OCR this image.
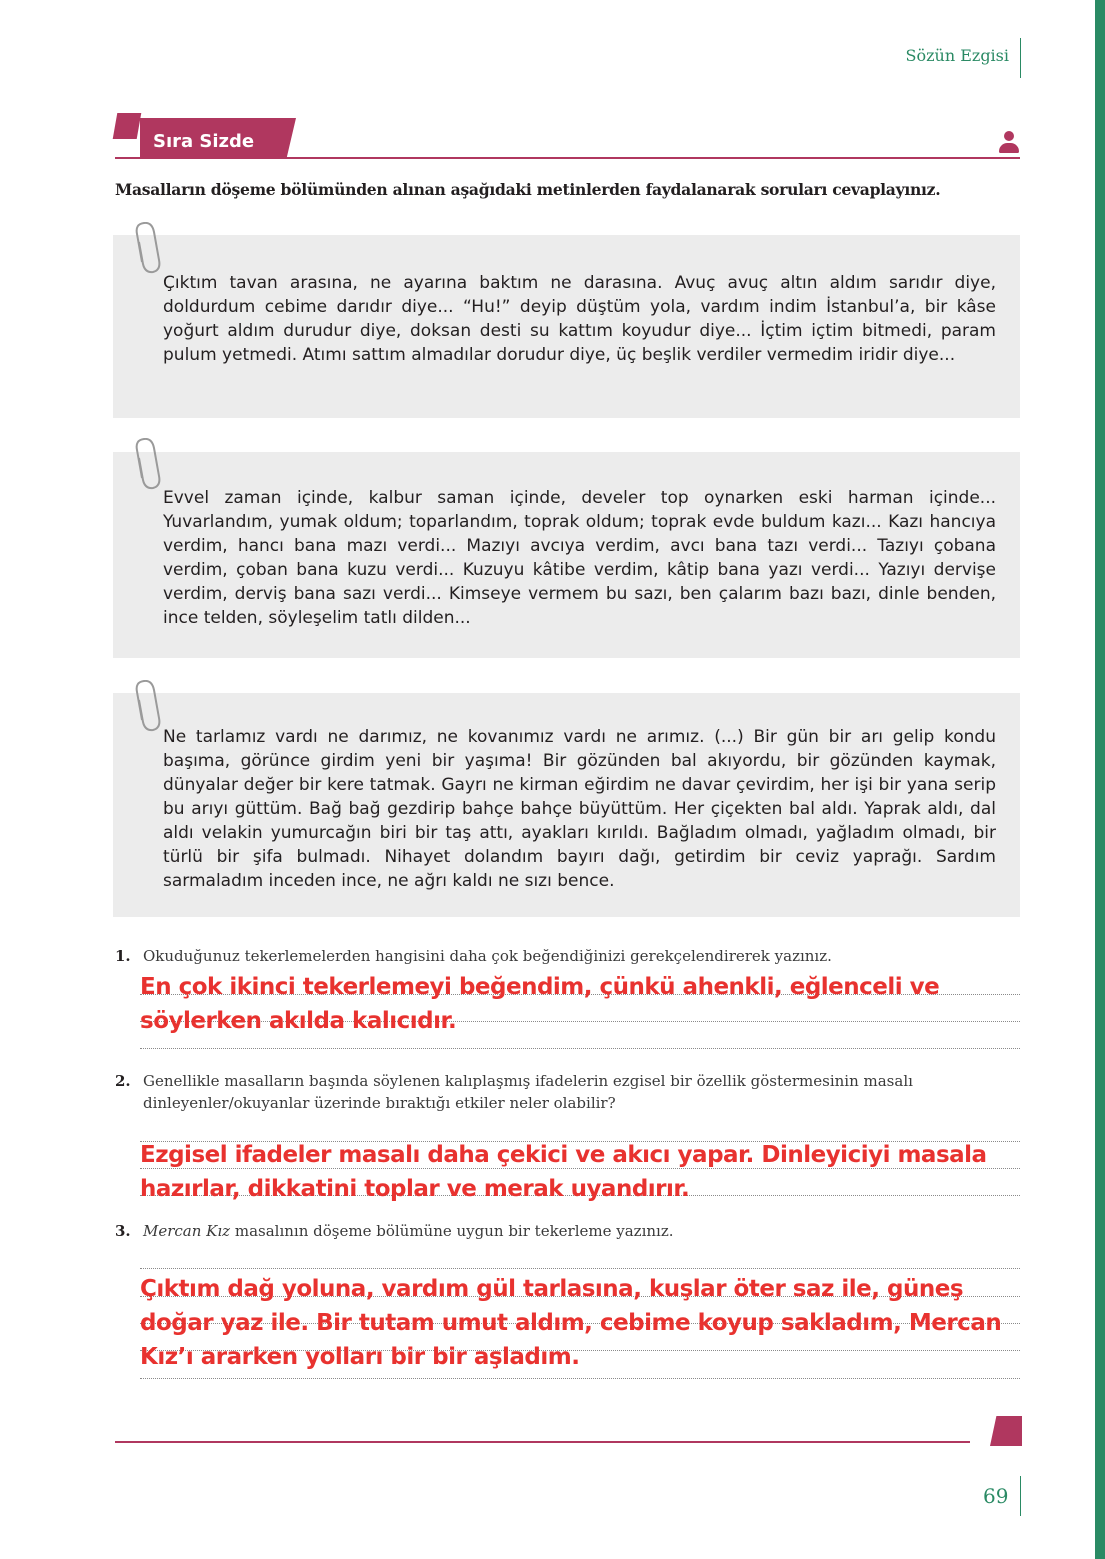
Sözün Ezgisi
Sıra Sizde
Masalların döşeme bölümünden alınan aşağıdaki metinlerden faydalanarak soruları cevaplayınız.

Çıktım tavan arasına, ne ayarına baktım ne darasına. Avuç avuç altın aldım sarıdır diye, doldurdum cebime darıdır diye... “Hu!” deyip düştüm yola, vardım indim İstanbul’a, bir kâse yoğurt aldım durudur diye, doksan desti su kattım koyudur diye... İçtim içtim bitmedi, param pulum yetmedi. Atımı sattım almadılar dorudur diye, üç beşlik verdiler vermedim iridir diye...

Evvel zaman içinde, kalbur saman içinde, develer top oynarken eski harman içinde... Yuvarlandım, yumak oldum; toparlandım, toprak oldum; toprak evde buldum kazı... Kazı hancıya verdim, hancı bana mazı verdi... Mazıyı avcıya verdim, avcı bana tazı verdi... Tazıyı çobana verdim, çoban bana kuzu verdi... Kuzuyu kâtibe verdim, kâtip bana yazı verdi... Yazıyı dervişe verdim, derviş bana sazı verdi... Kimseye vermem bu sazı, ben çalarım bazı bazı, dinle benden, ince telden, söyleşelim tatlı dilden...

Ne tarlamız vardı ne darımız, ne kovanımız vardı ne arımız. (...) Bir gün bir arı gelip kondu başıma, görünce girdim yeni bir yaşıma! Bir gözünden bal akıyordu, bir gözünden kaymak, dünyalar değer bir kere tatmak. Gayrı ne kirman eğirdim ne davar çevirdim, her işi bir yana serip bu arıyı güttüm. Bağ bağ gezdirip bahçe bahçe büyüttüm. Her çiçekten bal aldı. Yaprak aldı, dal aldı velakin yumurcağın biri bir taş attı, ayakları kırıldı. Bağladım olmadı, yağladım olmadı, bir türlü bir şifa bulmadı. Nihayet dolandım bayırı dağı, getirdim bir ceviz yaprağı. Sardım sarmaladım inceden ince, ne ağrı kaldı ne sızı bence.

1. Okuduğunuz tekerlemelerden hangisini daha çok beğendiğinizi gerekçelendirerek yazınız.
En çok ikinci tekerlemeyi beğendim, çünkü ahenkli, eğlenceli ve
söylerken akılda kalıcıdır.
2. Genellikle masalların başında söylenen kalıplaşmış ifadelerin ezgisel bir özellik göstermesinin masalı dinleyenler/okuyanlar üzerinde bıraktığı etkiler neler olabilir?
Ezgisel ifadeler masalı daha çekici ve akıcı yapar. Dinleyiciyi masala
hazırlar, dikkatini toplar ve merak uyandırır.
3. Mercan Kız masalının döşeme bölümüne uygun bir tekerleme yazınız.
Çıktım dağ yoluna, vardım gül tarlasına, kuşlar öter saz ile, güneş
doğar yaz ile. Bir tutam umut aldım, cebime koyup sakladım, Mercan
Kız’ı ararken yolları bir bir aşladım.
69
